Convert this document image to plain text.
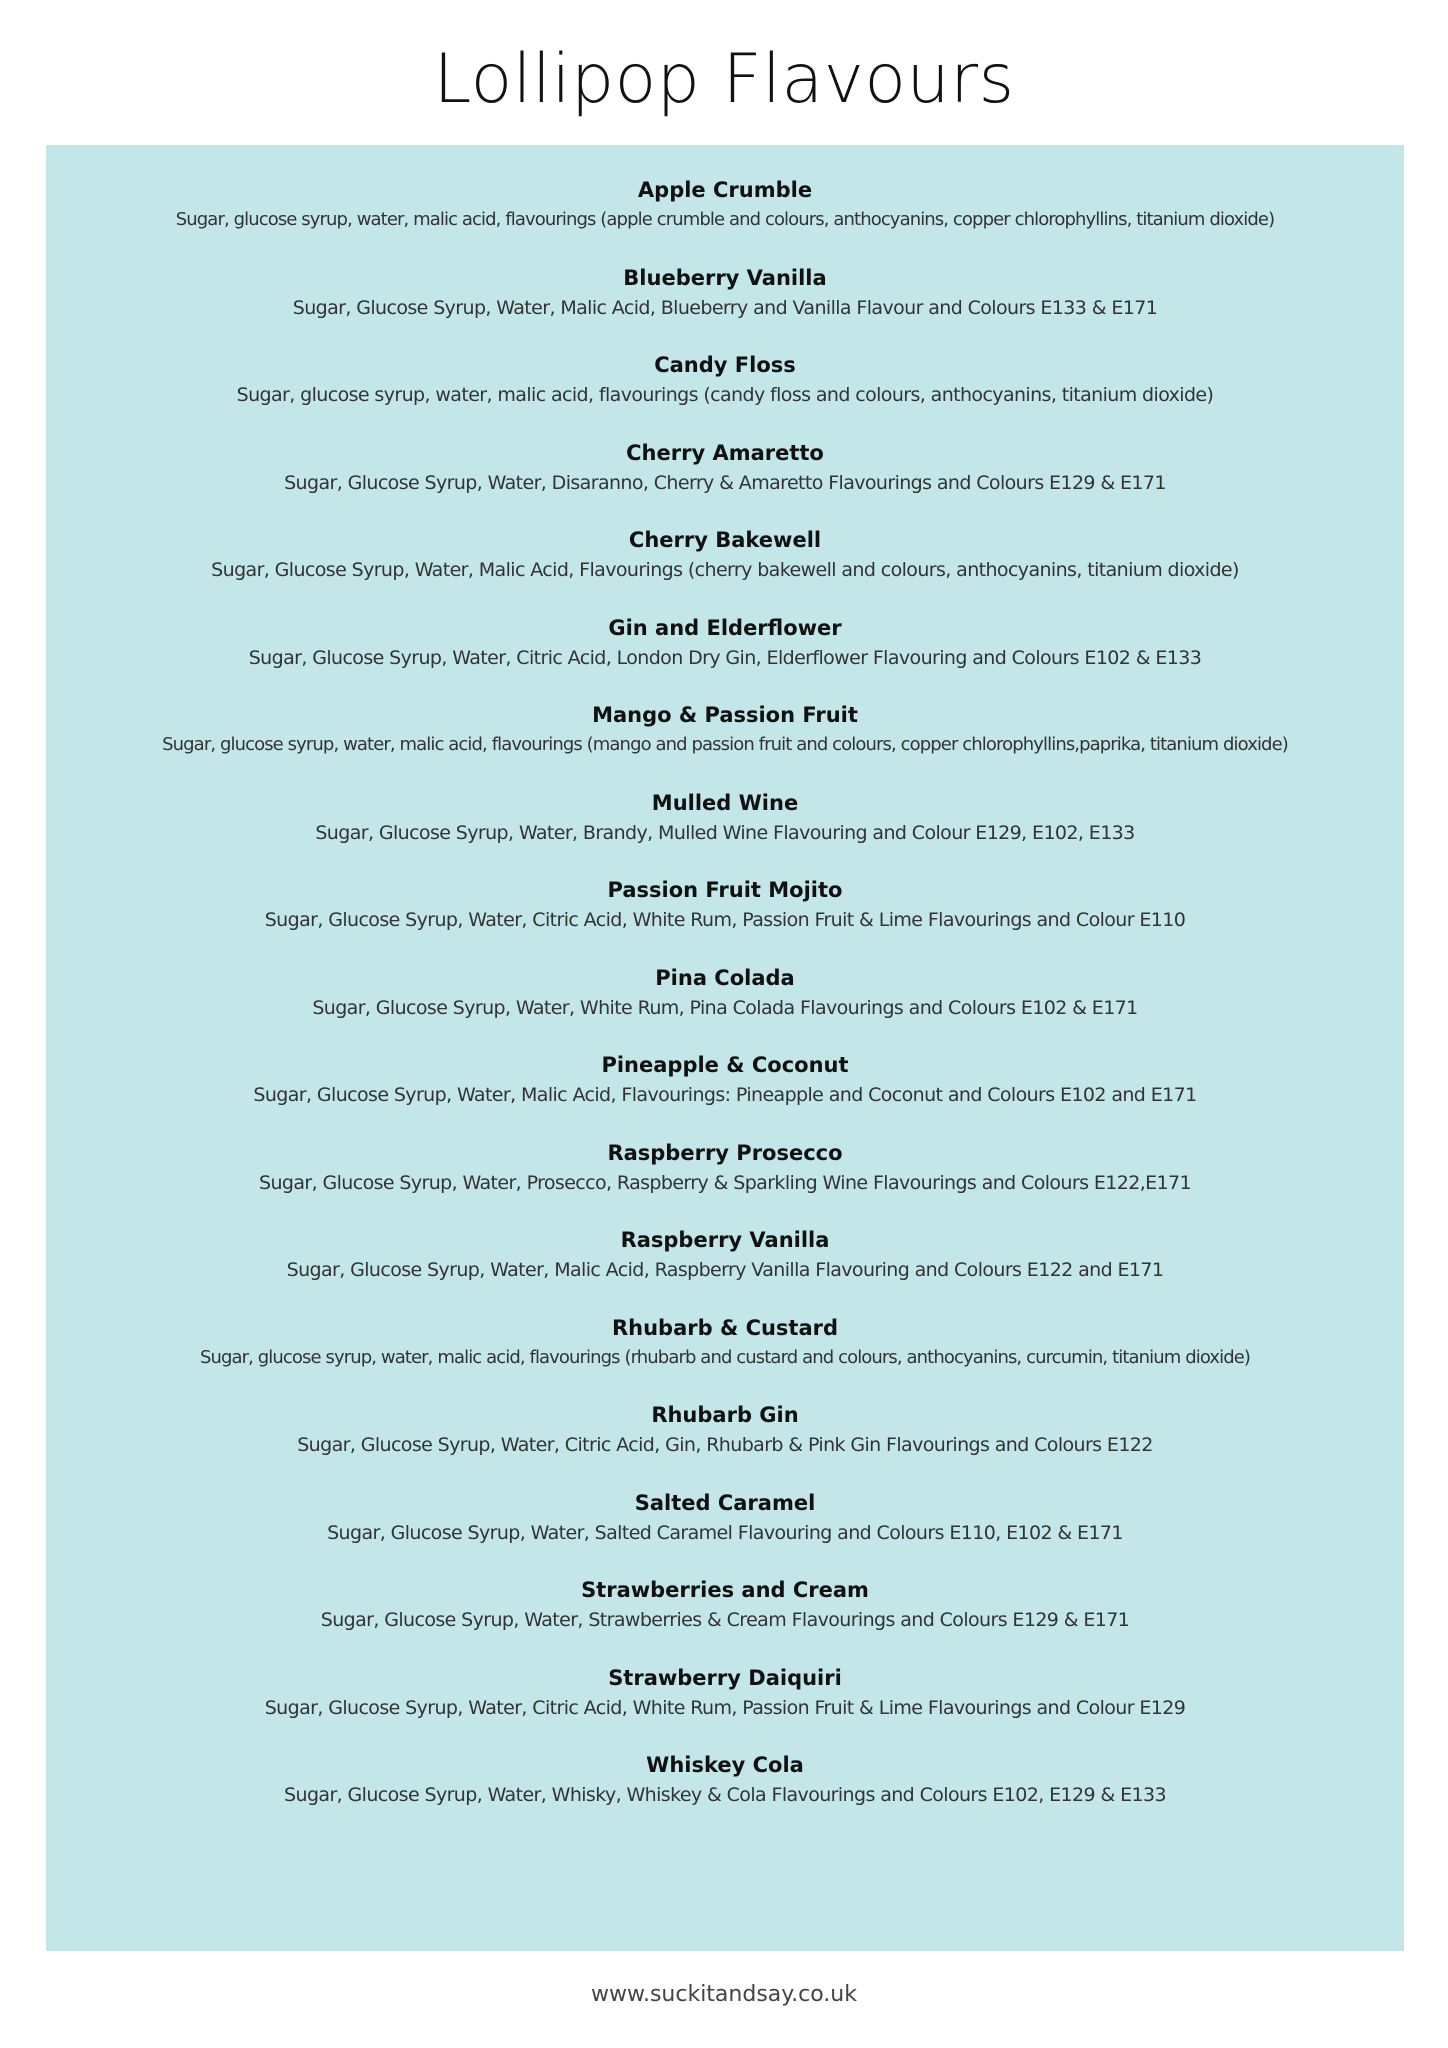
Lollipop Flavours
Apple Crumble
Sugar, glucose syrup, water, malic acid, flavourings (apple crumble and colours, anthocyanins, copper chlorophyllins, titanium dioxide)
Blueberry Vanilla
Sugar, Glucose Syrup, Water, Malic Acid, Blueberry and Vanilla Flavour and Colours E133 & E171
Candy Floss
Sugar, glucose syrup, water, malic acid, flavourings (candy floss and colours, anthocyanins, titanium dioxide)
Cherry Amaretto
Sugar, Glucose Syrup, Water, Disaranno, Cherry & Amaretto Flavourings and Colours E129 & E171
Cherry Bakewell
Sugar, Glucose Syrup, Water, Malic Acid, Flavourings (cherry bakewell and colours, anthocyanins, titanium dioxide)
Gin and Elderflower
Sugar, Glucose Syrup, Water, Citric Acid, London Dry Gin, Elderflower Flavouring and Colours E102 & E133
Mango & Passion Fruit
Sugar, glucose syrup, water, malic acid, flavourings (mango and passion fruit and colours, copper chlorophyllins,paprika, titanium dioxide)
Mulled Wine
Sugar, Glucose Syrup, Water, Brandy, Mulled Wine Flavouring and Colour E129, E102, E133
Passion Fruit Mojito
Sugar, Glucose Syrup, Water, Citric Acid, White Rum, Passion Fruit & Lime Flavourings and Colour E110
Pina Colada
Sugar, Glucose Syrup, Water, White Rum, Pina Colada Flavourings and Colours E102 & E171
Pineapple & Coconut
Sugar, Glucose Syrup, Water, Malic Acid, Flavourings: Pineapple and Coconut and Colours E102 and E171
Raspberry Prosecco
Sugar, Glucose Syrup, Water, Prosecco, Raspberry & Sparkling Wine Flavourings and Colours E122,E171
Raspberry Vanilla
Sugar, Glucose Syrup, Water, Malic Acid, Raspberry Vanilla Flavouring and Colours E122 and E171
Rhubarb & Custard
Sugar, glucose syrup, water, malic acid, flavourings (rhubarb and custard and colours, anthocyanins, curcumin, titanium dioxide)
Rhubarb Gin
Sugar, Glucose Syrup, Water, Citric Acid, Gin, Rhubarb & Pink Gin Flavourings and Colours E122
Salted Caramel
Sugar, Glucose Syrup, Water, Salted Caramel Flavouring and Colours E110, E102 & E171
Strawberries and Cream
Sugar, Glucose Syrup, Water, Strawberries & Cream Flavourings and Colours E129 & E171
Strawberry Daiquiri
Sugar, Glucose Syrup, Water, Citric Acid, White Rum, Passion Fruit & Lime Flavourings and Colour E129
Whiskey Cola
Sugar, Glucose Syrup, Water, Whisky, Whiskey & Cola Flavourings and Colours E102, E129 & E133
www.suckitandsay.co.uk
